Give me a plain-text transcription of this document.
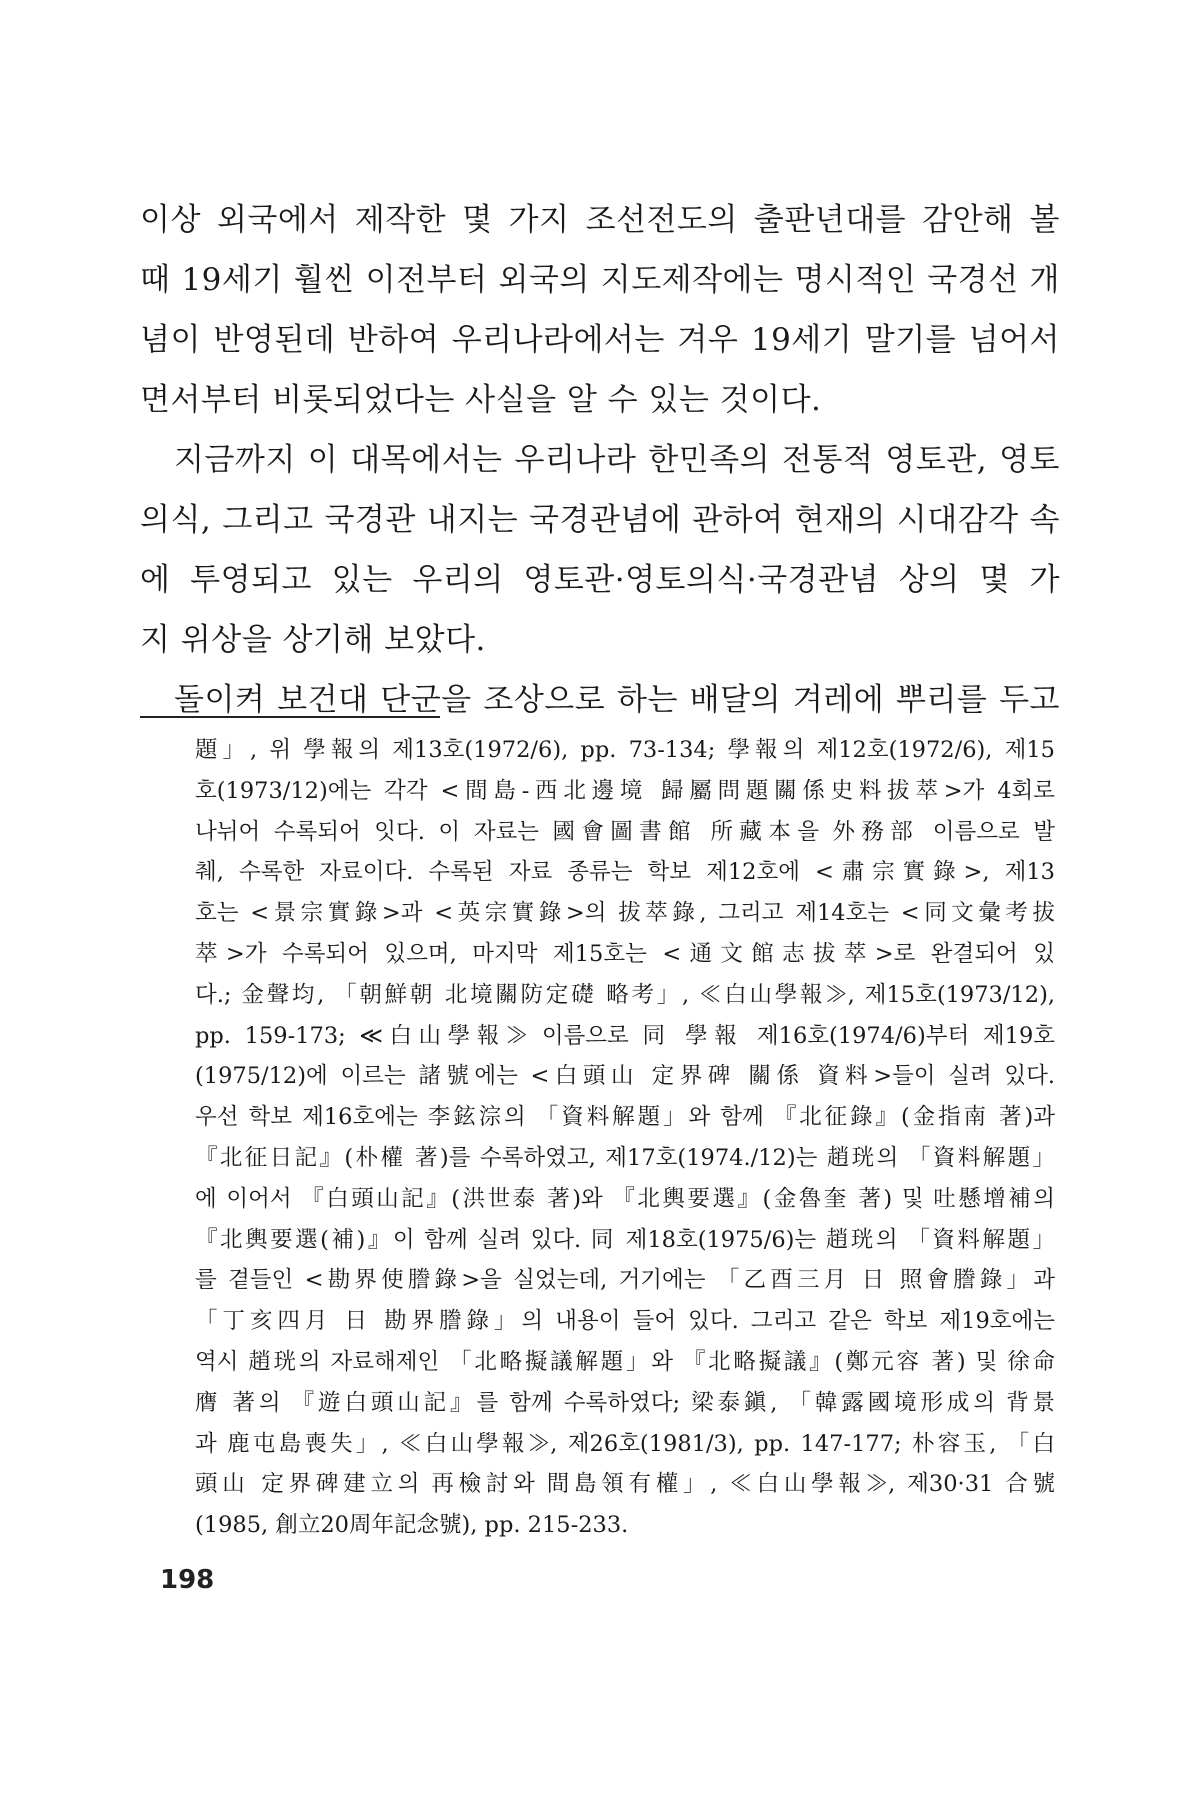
이상 외국에서 제작한 몇 가지 조선전도의 출판년대를 감안해 볼
때 19세기 훨씬 이전부터 외국의 지도제작에는 명시적인 국경선 개
념이 반영된데 반하여 우리나라에서는 겨우 19세기 말기를 넘어서
면서부터 비롯되었다는 사실을 알 수 있는 것이다.
지금까지 이 대목에서는 우리나라 한민족의 전통적 영토관, 영토
의식, 그리고 국경관 내지는 국경관념에 관하여 현재의 시대감각 속
에 투영되고 있는 우리의 영토관·영토의식·국경관념 상의 몇 가
지 위상을 상기해 보았다.
돌이켜 보건대 단군을 조상으로 하는 배달의 겨레에 뿌리를 두고
題」, 위 學報의 제13호(1972/6), pp. 73-134; 學報의 제12호(1972/6), 제15
호(1973/12)에는 각각 <間島-西北邊境 歸屬問題關係史料拔萃>가 4회로
나뉘어 수록되어 잇다. 이 자료는 國會圖書館 所藏本을 外務部 이름으로 발
췌, 수록한 자료이다. 수록된 자료 종류는 학보 제12호에 <肅宗實錄>, 제13
호는 <景宗實錄>과 <英宗實錄>의 拔萃錄, 그리고 제14호는 <同文彙考拔
萃>가 수록되어 있으며, 마지막 제15호는 <通文館志拔萃>로 완결되어 있
다.; 金聲均, 「朝鮮朝 北境關防定礎 略考」, ≪白山學報≫, 제15호(1973/12),
pp. 159-173; ≪白山學報≫ 이름으로 同 學報 제16호(1974/6)부터 제19호
(1975/12)에 이르는 諸號에는 <白頭山 定界碑 關係 資料>들이 실려 있다.
우선 학보 제16호에는 李鉉淙의 「資料解題」와 함께 『北征錄』(金指南 著)과
『北征日記』(朴權 著)를 수록하였고, 제17호(1974./12)는 趙珖의 「資料解題」
에 이어서 『白頭山記』(洪世泰 著)와 『北輿要選』(金魯奎 著) 및 吐懸增補의
『北輿要選(補)』이 함께 실려 있다. 同 제18호(1975/6)는 趙珖의 「資料解題」
를 곁들인 <勘界使謄錄>을 실었는데, 거기에는 「乙酉三月 日 照會謄錄」과
「丁亥四月 日 勘界謄錄」의 내용이 들어 있다. 그리고 같은 학보 제19호에는
역시 趙珖의 자료해제인 「北略擬議解題」와 『北略擬議』(鄭元容 著) 및 徐命
膺 著의 『遊白頭山記』를 함께 수록하였다; 梁泰鎭, 「韓露國境形成의 背景
과 鹿屯島喪失」, ≪白山學報≫, 제26호(1981/3), pp. 147-177; 朴容玉, 「白
頭山 定界碑建立의 再檢討와 間島領有權」, ≪白山學報≫, 제30·31 合號
(1985, 創立20周年記念號), pp. 215-233.
198
